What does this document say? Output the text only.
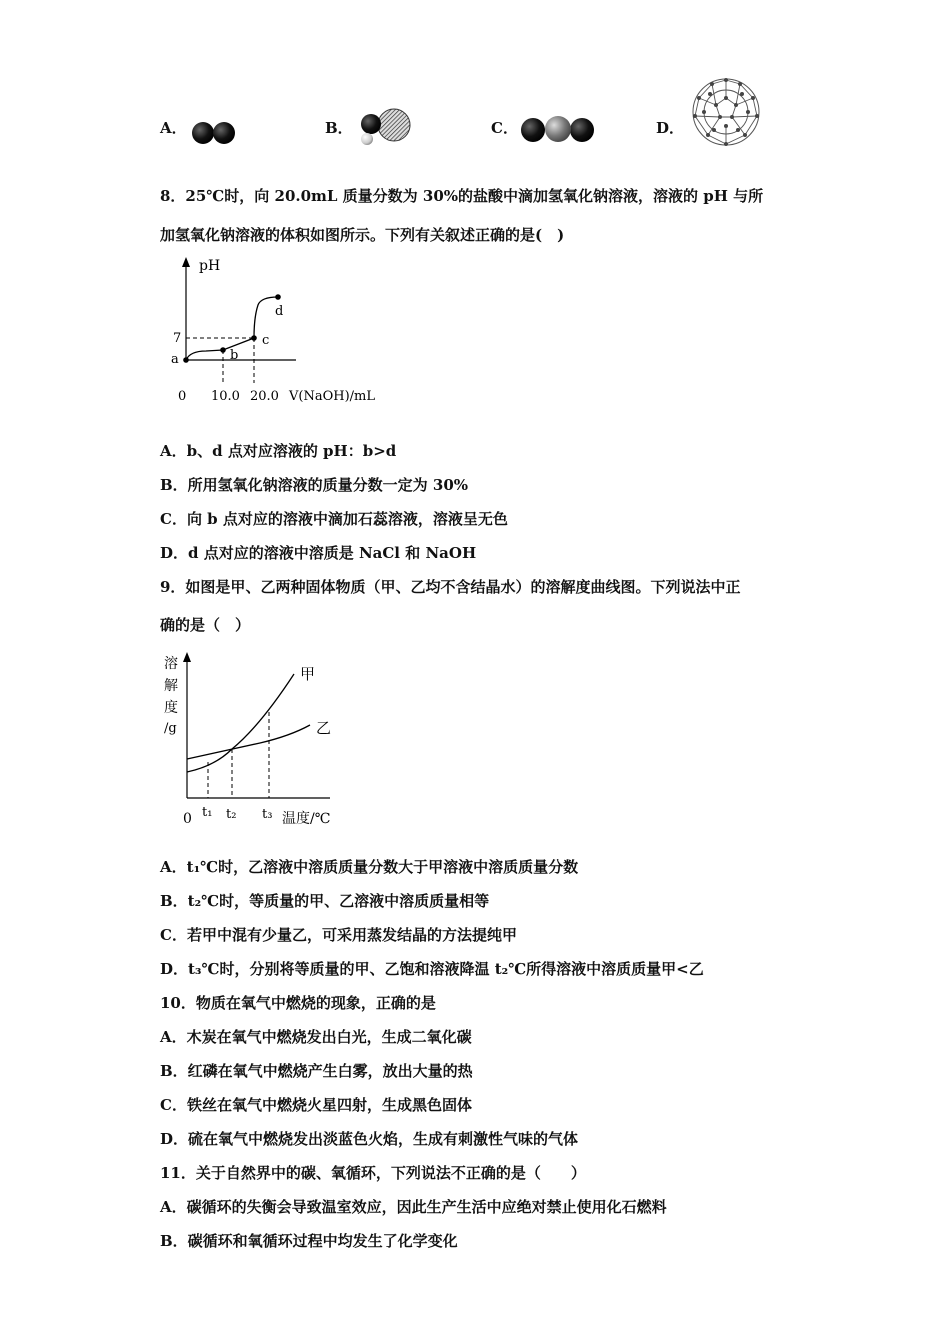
A．	B．	C．	D．
8．25℃时，向 20.0mL 质量分数为 30%的盐酸中滴加氢氧化钠溶液，溶液的 pH 与所
加氢氧化钠溶液的体积如图所示。下列有关叙述正确的是(　)
pH
7
a	b
c
d
0 10.0 20.0 V(NaOH)/mL
A．b、d 点对应溶液的 pH：b>d
B．所用氢氧化钠溶液的质量分数一定为 30%
C．向 b 点对应的溶液中滴加石蕊溶液，溶液呈无色
D．d 点对应的溶液中溶质是 NaCl 和 NaOH
9．如图是甲、乙两种固体物质（甲、乙均不含结晶水）的溶解度曲线图。下列说法中正
确的是（　）
溶
解
度
/g
甲
乙
0 t₁ t₂ t₃ 温度/℃
A．t₁℃时，乙溶液中溶质质量分数大于甲溶液中溶质质量分数
B．t₂℃时，等质量的甲、乙溶液中溶质质量相等
C．若甲中混有少量乙，可采用蒸发结晶的方法提纯甲
D．t₃℃时，分别将等质量的甲、乙饱和溶液降温 t₂℃所得溶液中溶质质量甲<乙
10．物质在氧气中燃烧的现象，正确的是
A．木炭在氧气中燃烧发出白光，生成二氧化碳
B．红磷在氧气中燃烧产生白雾，放出大量的热
C．铁丝在氧气中燃烧火星四射，生成黑色固体
D．硫在氧气中燃烧发出淡蓝色火焰，生成有刺激性气味的气体
11．关于自然界中的碳、氧循环，下列说法不正确的是（　　）
A．碳循环的失衡会导致温室效应，因此生产生活中应绝对禁止使用化石燃料
B．碳循环和氧循环过程中均发生了化学变化
